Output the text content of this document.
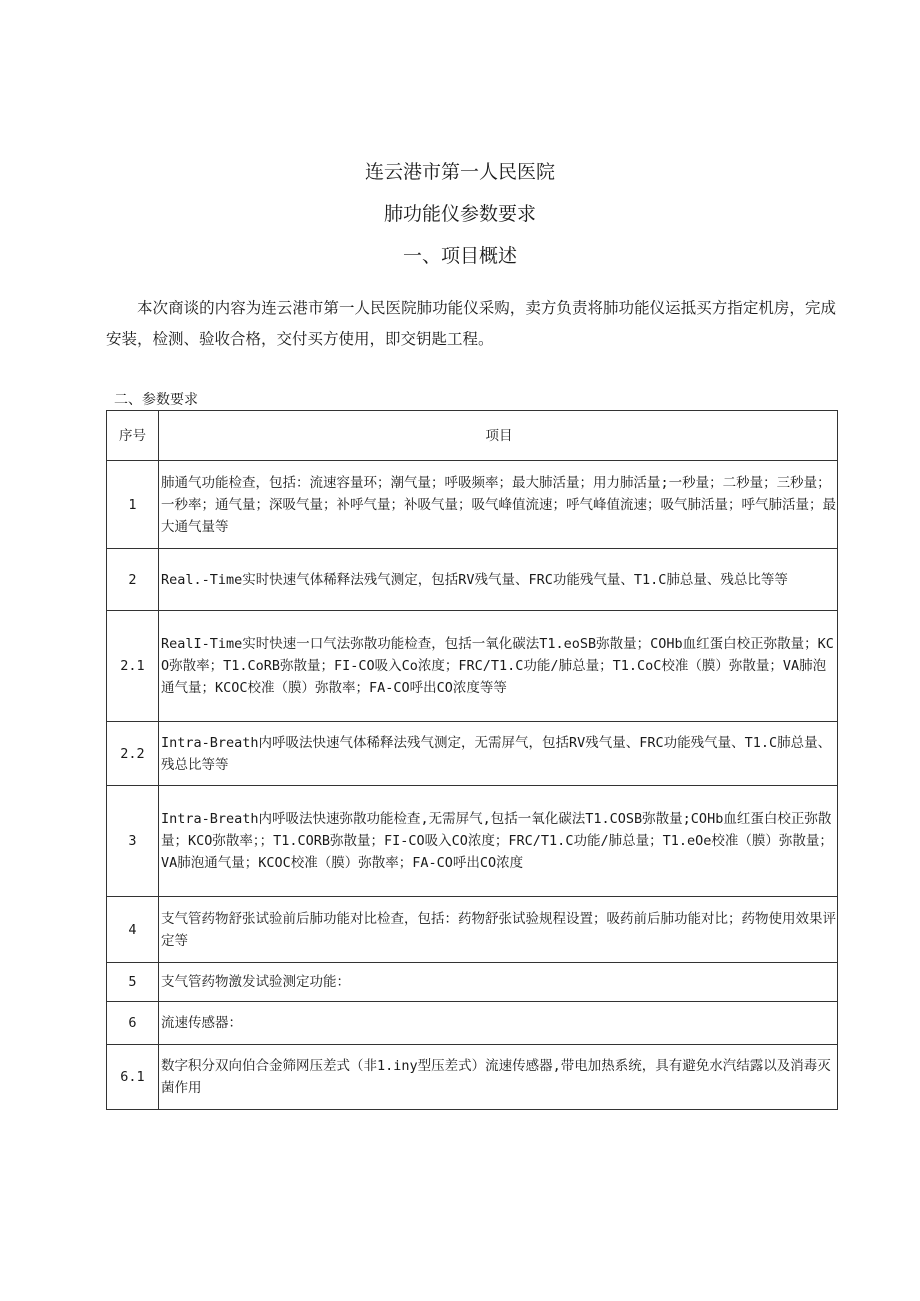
连云港市第一人民医院
肺功能仪参数要求
一、项目概述
本次商谈的内容为连云港市第一人民医院肺功能仪采购，卖方负责将肺功能仪运抵买方指定机房，完成安装，检测、验收合格，交付买方使用，即交钥匙工程。
二、参数要求
序号	项目
1	肺通气功能检查，包括：流速容量环；潮气量；呼吸频率；最大肺活量；用力肺活量;一秒量；二秒量；三秒量；一秒率；通气量；深吸气量；补呼气量；补吸气量；吸气峰值流速；呼气峰值流速；吸气肺活量；呼气肺活量；最大通气量等
2	Real.-Time实时快速气体稀释法残气测定，包括RV残气量、FRC功能残气量、T1.C肺总量、残总比等等
2.1	RealI-Time实时快速一口气法弥散功能检查，包括一氧化碳法T1.eoSB弥散量；COHb血红蛋白校正弥散量；KCO弥散率；T1.CoRB弥散量；FI-CO吸入Co浓度；FRC/T1.C功能/肺总量；T1.CoC校准（膜）弥散量；VA肺泡通气量；KCOC校准（膜）弥散率；FA-CO呼出CO浓度等等
2.2	Intra-Breath内呼吸法快速气体稀释法残气测定，无需屏气，包括RV残气量、FRC功能残气量、T1.C肺总量、残总比等等
3	Intra-Breath内呼吸法快速弥散功能检查,无需屏气,包括一氧化碳法T1.COSB弥散量;COHb血红蛋白校正弥散量；KCO弥散率；；T1.CORB弥散量；FI-CO吸入CO浓度；FRC/T1.C功能/肺总量；T1.eOe校准（膜）弥散量；VA肺泡通气量；KCOC校准（膜）弥散率；FA-CO呼出CO浓度
4	支气管药物舒张试验前后肺功能对比检查，包括：药物舒张试验规程设置；吸药前后肺功能对比；药物使用效果评定等
5	支气管药物激发试验测定功能：
6	流速传感器：
6.1	数字积分双向伯合金筛网压差式（非1.iny型压差式）流速传感器,带电加热系统，具有避免水汽结露以及消毒灭菌作用
